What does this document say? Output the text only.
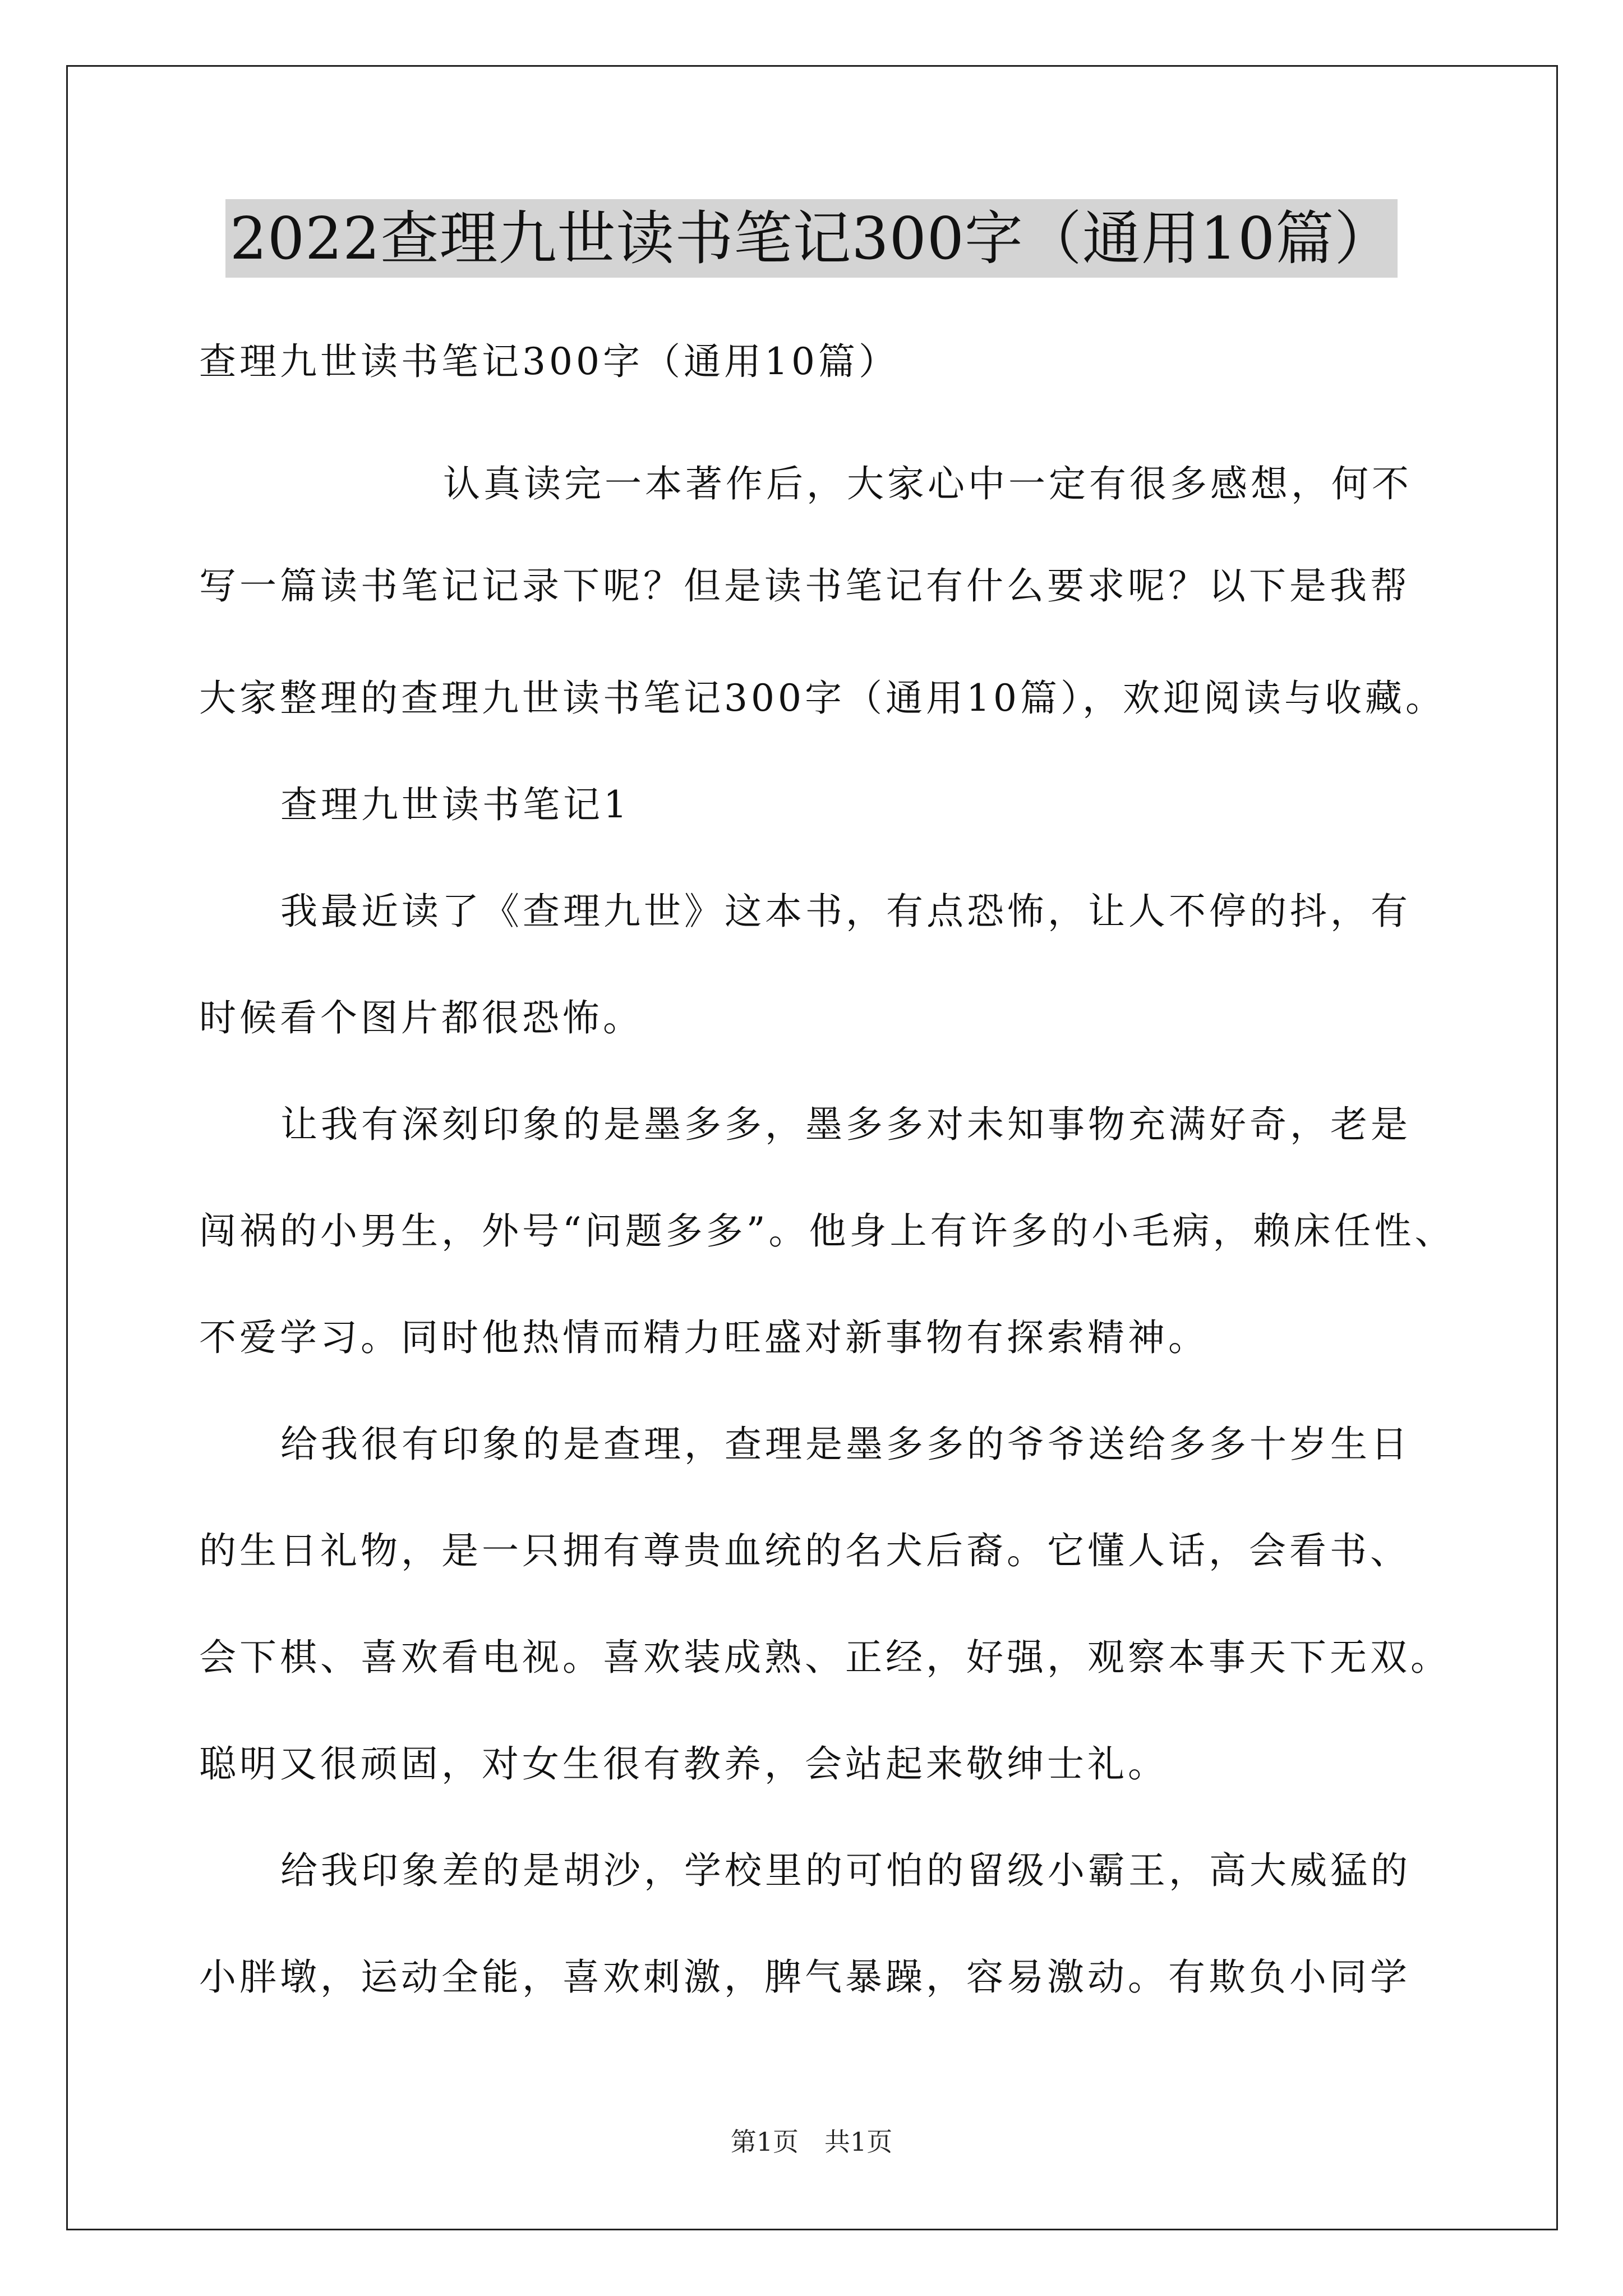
2022查理九世读书笔记300字（通用10篇）
查理九世读书笔记300字（通用10篇）
认真读完一本著作后，大家心中一定有很多感想，何不
写一篇读书笔记记录下呢？但是读书笔记有什么要求呢？以下是我帮
大家整理的查理九世读书笔记300字（通用10篇），欢迎阅读与收藏。
查理九世读书笔记1
我最近读了《查理九世》这本书，有点恐怖，让人不停的抖，有
时候看个图片都很恐怖。
让我有深刻印象的是墨多多，墨多多对未知事物充满好奇，老是
闯祸的小男生，外号“问题多多”。他身上有许多的小毛病，赖床任性、
不爱学习。同时他热情而精力旺盛对新事物有探索精神。
给我很有印象的是查理，查理是墨多多的爷爷送给多多十岁生日
的生日礼物，是一只拥有尊贵血统的名犬后裔。它懂人话，会看书、
会下棋、喜欢看电视。喜欢装成熟、正经，好强，观察本事天下无双。
聪明又很顽固，对女生很有教养，会站起来敬绅士礼。
给我印象差的是胡沙，学校里的可怕的留级小霸王，高大威猛的
小胖墩，运动全能，喜欢刺激，脾气暴躁，容易激动。有欺负小同学
第1页　共1页
